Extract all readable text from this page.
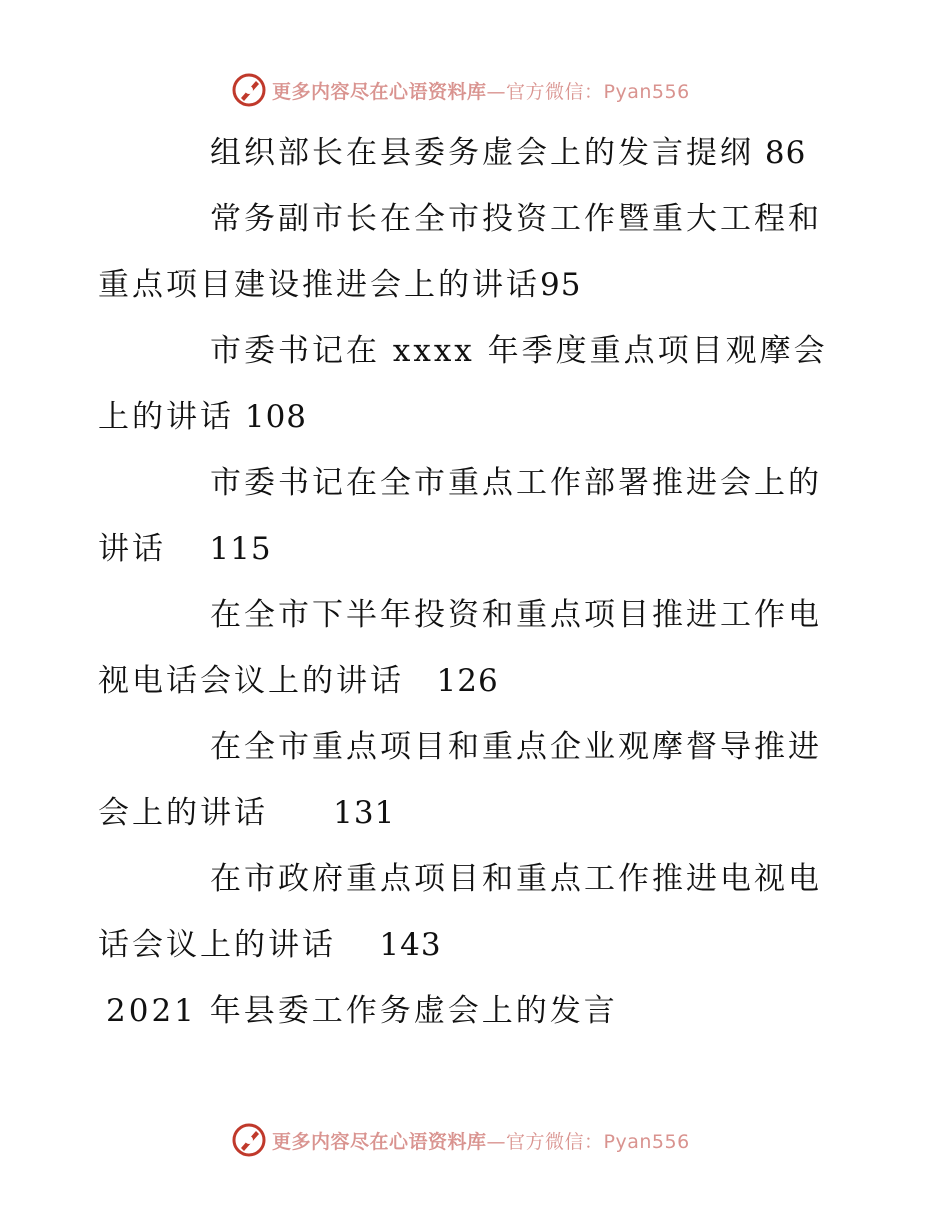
更多内容尽在心语资料库 —官方微信：Pyan556
组织部长在县委务虚会上的发言提纲 86
常务副市长在全市投资工作暨重大工程和重点项目建设推进会上的讲话95
市委书记在 xxxx 年季度重点项目观摩会上的讲话 108
市委书记在全市重点工作部署推进会上的讲话    115
在全市下半年投资和重点项目推进工作电视电话会议上的讲话   126
在全市重点项目和重点企业观摩督导推进会上的讲话      131
在市政府重点项目和重点工作推进电视电话会议上的讲话    143
2021 年县委工作务虚会上的发言
更多内容尽在心语资料库 —官方微信：Pyan556
